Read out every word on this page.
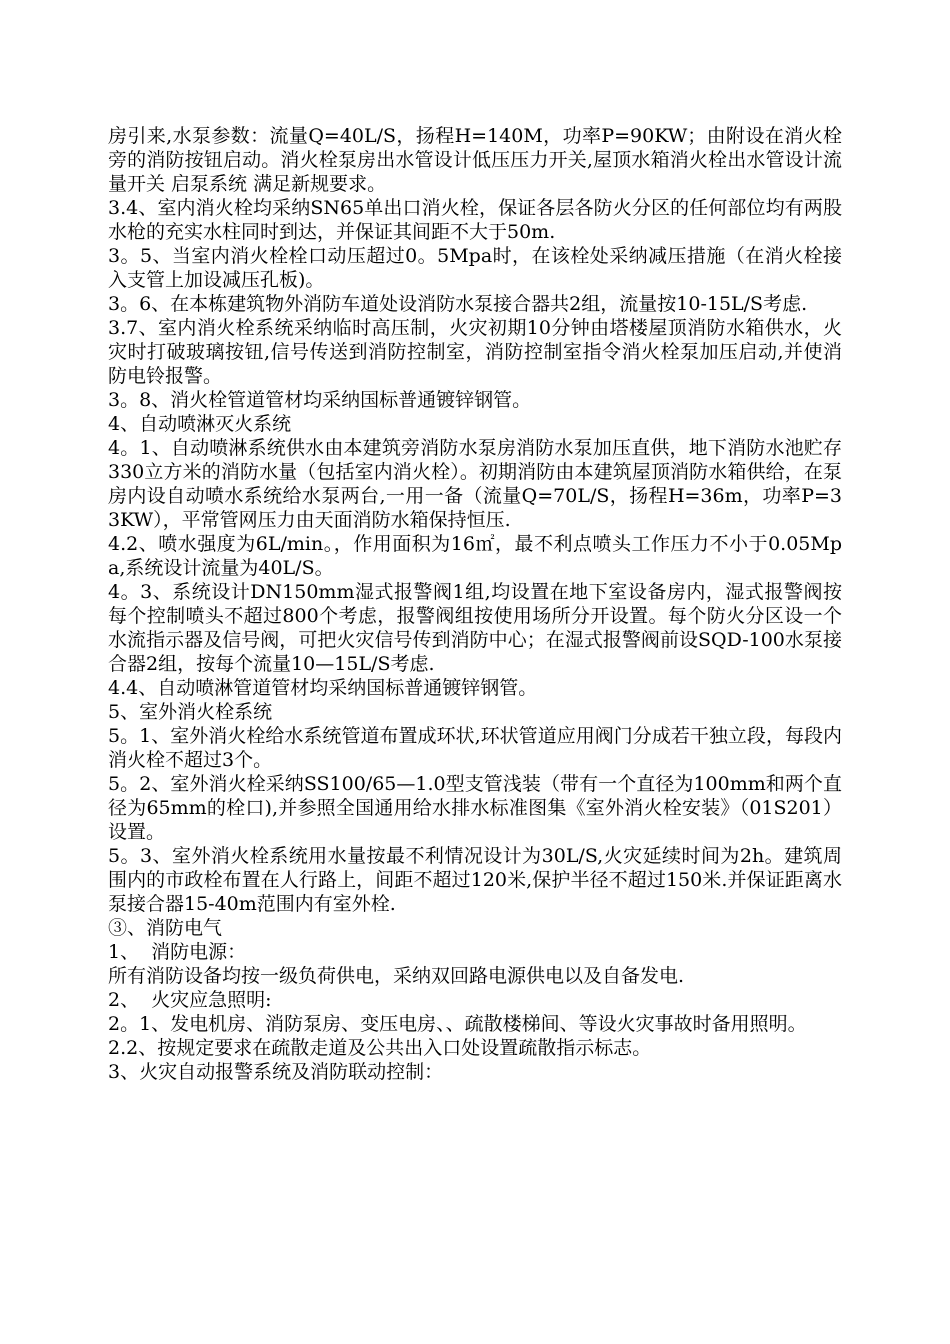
房引来,水泵参数：流量Q=40L/S，扬程H=140M，功率P=90KW；由附设在消火栓旁的消防按钮启动。消火栓泵房出水管设计低压压力开关,屋顶水箱消火栓出水管设计流量开关 启泵系统 满足新规要求。

3.4、室内消火栓均采纳SN65单出口消火栓，保证各层各防火分区的任何部位均有两股水枪的充实水柱同时到达，并保证其间距不大于50m.

3。5、当室内消火栓栓口动压超过0。5Mpa时，在该栓处采纳减压措施（在消火栓接入支管上加设减压孔板)。

3。6、在本栋建筑物外消防车道处设消防水泵接合器共2组，流量按10-15L/S考虑.

3.7、室内消火栓系统采纳临时高压制，火灾初期10分钟由塔楼屋顶消防水箱供水，火灾时打破玻璃按钮,信号传送到消防控制室，消防控制室指令消火栓泵加压启动,并使消防电铃报警。

3。8、消火栓管道管材均采纳国标普通镀锌钢管。

4、自动喷淋灭火系统

4。1、自动喷淋系统供水由本建筑旁消防水泵房消防水泵加压直供，地下消防水池贮存330立方米的消防水量（包括室内消火栓）。初期消防由本建筑屋顶消防水箱供给，在泵房内设自动喷水系统给水泵两台,一用一备（流量Q=70L/S，扬程H=36m，功率P=33KW），平常管网压力由天面消防水箱保持恒压.

4.2、喷水强度为6L/min。，作用面积为16㎡，最不利点喷头工作压力不小于0.05Mpa,系统设计流量为40L/S。

4。3、系统设计DN150mm湿式报警阀1组,均设置在地下室设备房内，湿式报警阀按每个控制喷头不超过800个考虑，报警阀组按使用场所分开设置。每个防火分区设一个水流指示器及信号阀，可把火灾信号传到消防中心；在湿式报警阀前设SQD-100水泵接合器2组，按每个流量10—15L/S考虑.

4.4、自动喷淋管道管材均采纳国标普通镀锌钢管。

5、室外消火栓系统

5。1、室外消火栓给水系统管道布置成环状,环状管道应用阀门分成若干独立段，每段内消火栓不超过3个。

5。2、室外消火栓采纳SS100/65—1.0型支管浅装（带有一个直径为100mm和两个直径为65mm的栓口),并参照全国通用给水排水标准图集《室外消火栓安装》（01S201）设置。

5。3、室外消火栓系统用水量按最不利情况设计为30L/S,火灾延续时间为2h。建筑周围内的市政栓布置在人行路上，间距不超过120米,保护半径不超过150米.并保证距离水泵接合器15-40m范围内有室外栓.

③、消防电气

1、  消防电源：

所有消防设备均按一级负荷供电，采纳双回路电源供电以及自备发电.

2、  火灾应急照明:

2。1、发电机房、消防泵房、变压电房、、疏散楼梯间、等设火灾事故时备用照明。

2.2、按规定要求在疏散走道及公共出入口处设置疏散指示标志。

3、火灾自动报警系统及消防联动控制：
